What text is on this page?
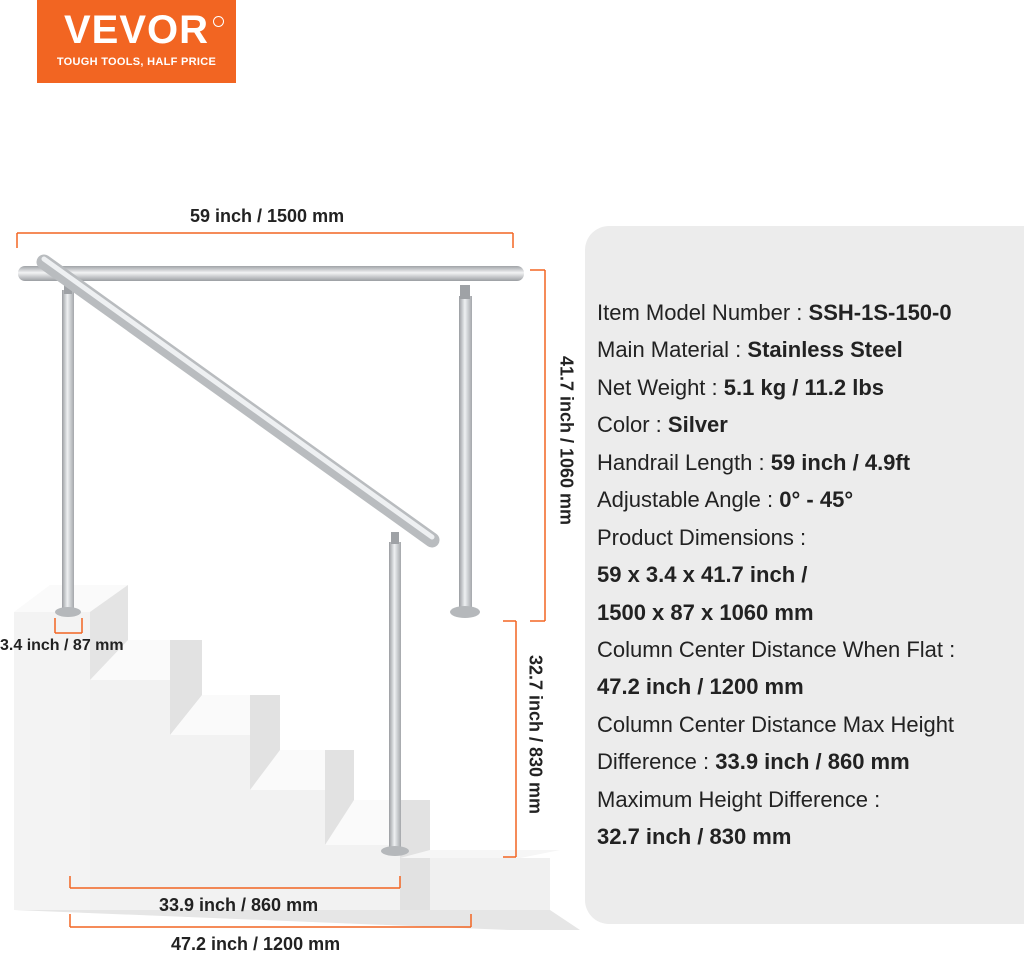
VEVOR
TOUGH TOOLS, HALF PRICE
59 inch / 1500 mm
41.7 inch / 1060 mm
3.4 inch / 87 mm
32.7 inch / 830 mm
33.9 inch / 860 mm
47.2 inch / 1200 mm
Item Model Number : SSH-1S-150-0
Main Material : Stainless Steel
Net Weight : 5.1 kg / 11.2 lbs
Color : Silver
Handrail Length : 59 inch / 4.9ft
Adjustable Angle : 0° - 45°
Product Dimensions :
59 x 3.4 x 41.7 inch /
1500 x 87 x 1060 mm
Column Center Distance When Flat :
47.2 inch / 1200 mm
Column Center Distance Max Height
Difference : 33.9 inch / 860 mm
Maximum Height Difference :
32.7 inch / 830 mm
